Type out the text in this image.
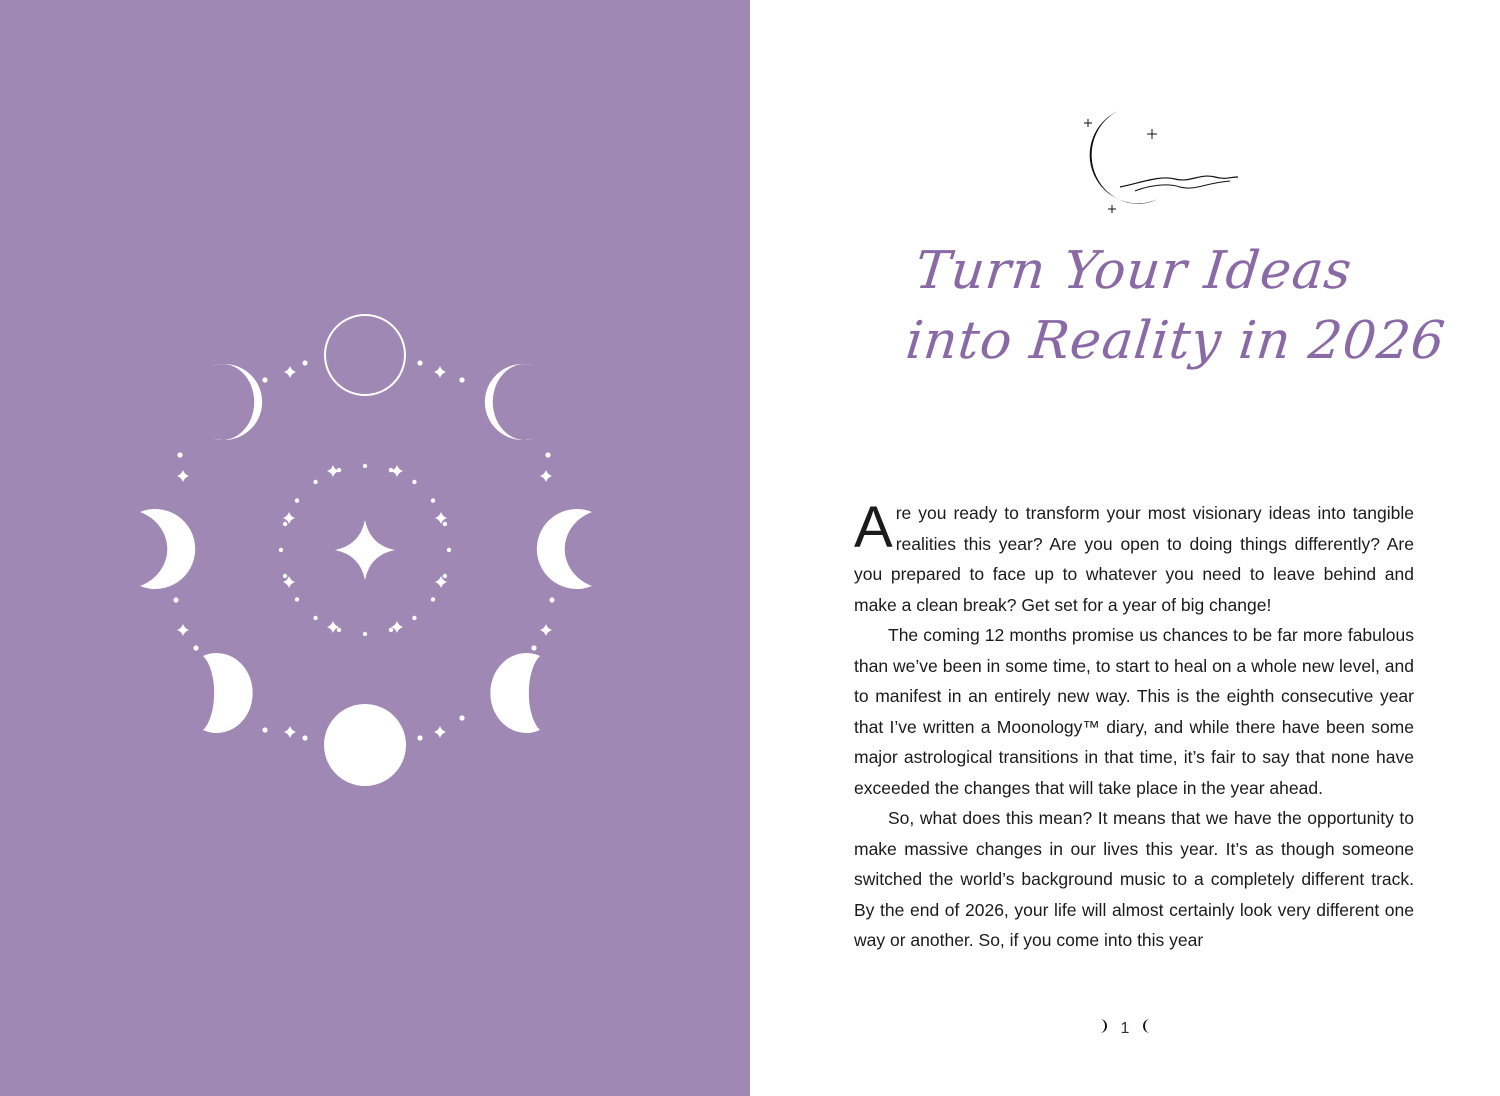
Turn Your Ideas
into Reality in 2026

Are you ready to transform your most visionary ideas into tangible realities this year? Are you open to doing things differently? Are you prepared to face up to whatever you need to leave behind and make a clean break? Get set for a year of big change!

The coming 12 months promise us chances to be far more fabulous than we’ve been in some time, to start to heal on a whole new level, and to manifest in an entirely new way. This is the eighth consecutive year that I’ve written a Moonology™ diary, and while there have been some major astrological transitions in that time, it’s fair to say that none have exceeded the changes that will take place in the year ahead.

So, what does this mean? It means that we have the opportunity to make massive changes in our lives this year. It’s as though someone switched the world’s background music to a completely different track. By the end of 2026, your life will almost certainly look very different one way or another. So, if you come into this year

1
